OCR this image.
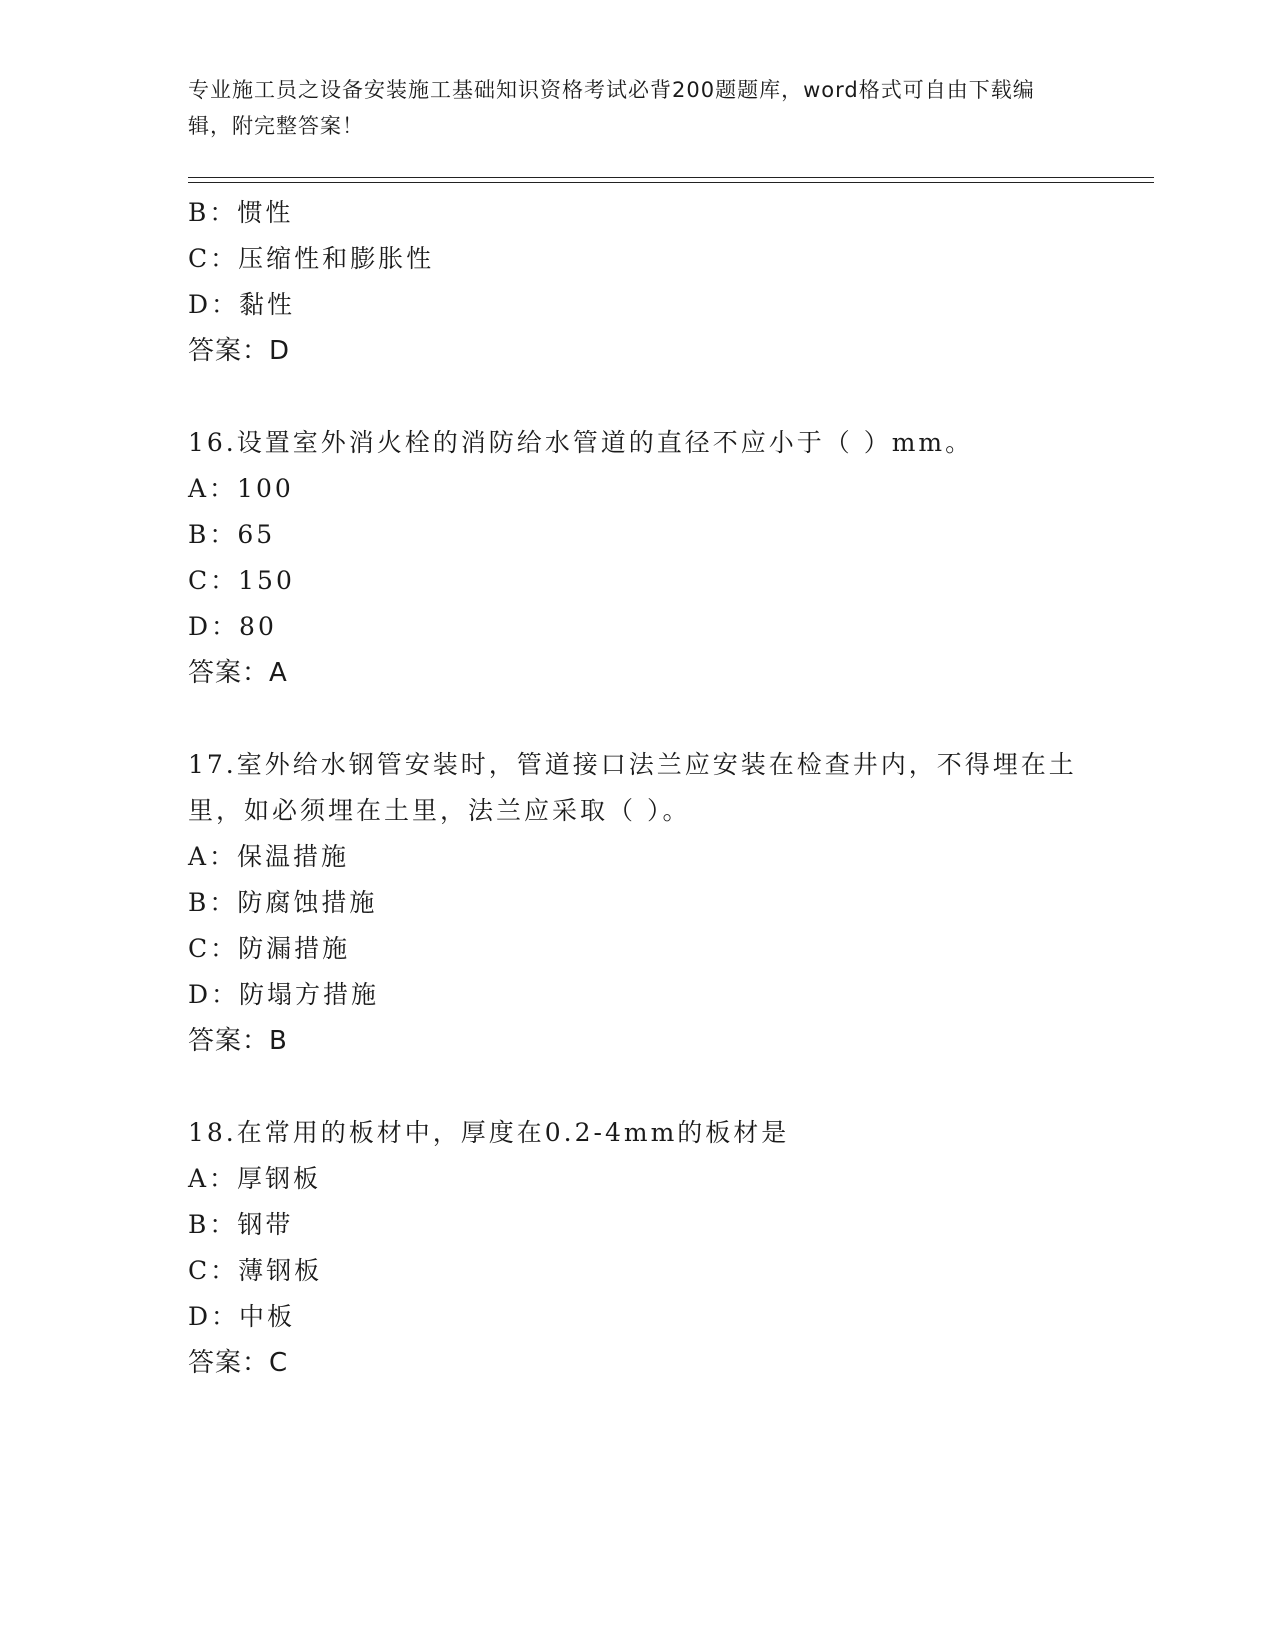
专业施工员之设备安装施工基础知识资格考试必背200题题库，word格式可自由下载编辑，附完整答案！
B：惯性
C：压缩性和膨胀性
D：黏性
答案：D
16.设置室外消火栓的消防给水管道的直径不应小于（ ）mm。
A：100
B：65
C：150
D：80
答案：A
17.室外给水钢管安装时，管道接口法兰应安装在检查井内，不得埋在土里，如必须埋在土里，法兰应采取（ ）。
A：保温措施
B：防腐蚀措施
C：防漏措施
D：防塌方措施
答案：B
18.在常用的板材中，厚度在0.2-4mm的板材是
A：厚钢板
B：钢带
C：薄钢板
D：中板
答案：C
